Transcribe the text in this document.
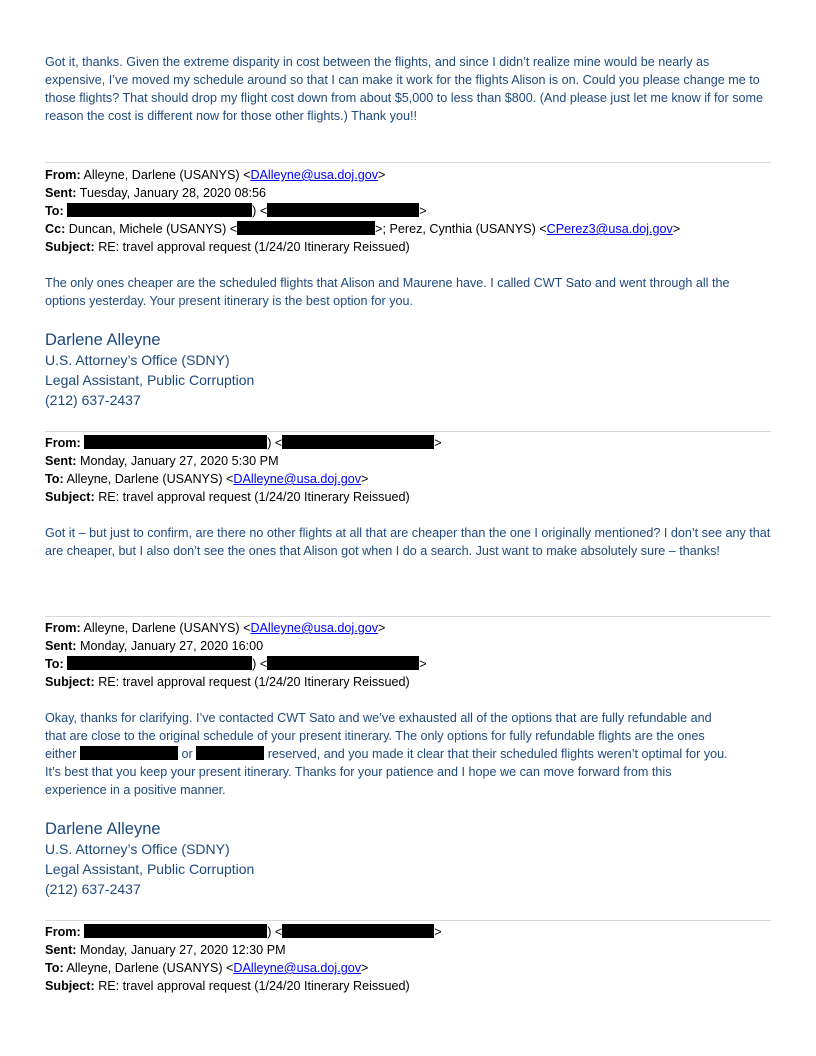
Got it, thanks. Given the extreme disparity in cost between the flights, and since I didn’t realize mine would be nearly as expensive, I’ve moved my schedule around so that I can make it work for the flights Alison is on. Could you please change me to those flights? That should drop my flight cost down from about $5,000 to less than $800. (And please just let me know if for some reason the cost is different now for those other flights.) Thank you!!

From: Alleyne, Darlene (USANYS) <DAlleyne@usa.doj.gov>
Sent: Tuesday, January 28, 2020 08:56
To:	) <	>
Cc: Duncan, Michele (USANYS) <	>; Perez, Cynthia (USANYS) <CPerez3@usa.doj.gov>
Subject: RE: travel approval request (1/24/20 Itinerary Reissued)

The only ones cheaper are the scheduled flights that Alison and Maurene have. I called CWT Sato and went through all the options yesterday. Your present itinerary is the best option for you.

Darlene Alleyne
U.S. Attorney’s Office (SDNY)
Legal Assistant, Public Corruption
(212) 637-2437
From:	) <	>
Sent: Monday, January 27, 2020 5:30 PM
To: Alleyne, Darlene (USANYS) <DAlleyne@usa.doj.gov>
Subject: RE: travel approval request (1/24/20 Itinerary Reissued)

Got it – but just to confirm, are there no other flights at all that are cheaper than the one I originally mentioned? I don’t see any that are cheaper, but I also don’t see the ones that Alison got when I do a search. Just want to make absolutely sure – thanks!

From: Alleyne, Darlene (USANYS) <DAlleyne@usa.doj.gov>
Sent: Monday, January 27, 2020 16:00
To:	) <	>
Subject: RE: travel approval request (1/24/20 Itinerary Reissued)
Okay, thanks for clarifying. I’ve contacted CWT Sato and we’ve exhausted all of the options that are fully refundable and
that are close to the original schedule of your present itinerary. The only options for fully refundable flights are the ones
either	or	reserved, and you made it clear that their scheduled flights weren’t optimal for you.
It’s best that you keep your present itinerary. Thanks for your patience and I hope we can move forward from this
experience in a positive manner.
Darlene Alleyne
U.S. Attorney’s Office (SDNY)
Legal Assistant, Public Corruption
(212) 637-2437
From:	) <	>
Sent: Monday, January 27, 2020 12:30 PM
To: Alleyne, Darlene (USANYS) <DAlleyne@usa.doj.gov>
Subject: RE: travel approval request (1/24/20 Itinerary Reissued)
